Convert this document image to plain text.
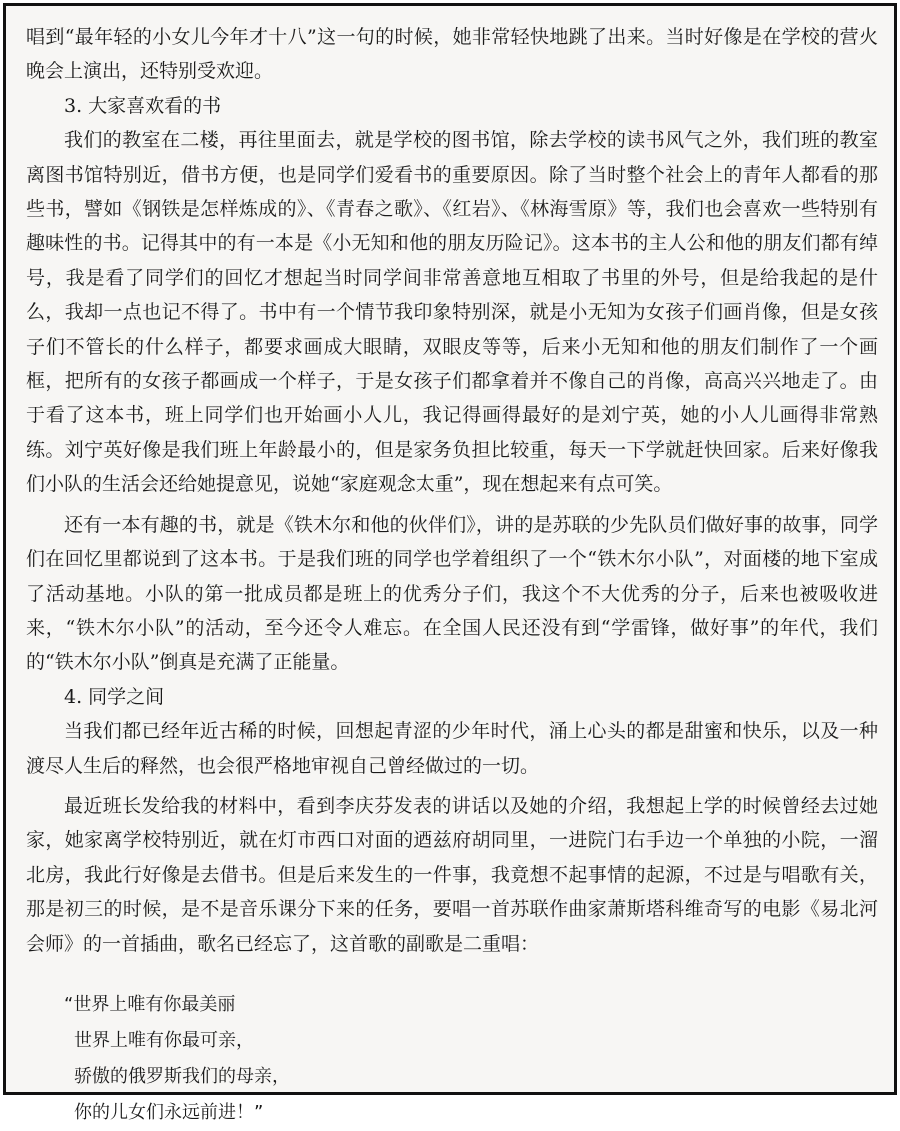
唱到“最年轻的小女儿今年才十八”这一句的时候，她非常轻快地跳了出来。当时好像是在学校的营火晚会上演出，还特别受欢迎。

3. 大家喜欢看的书

我们的教室在二楼，再往里面去，就是学校的图书馆，除去学校的读书风气之外，我们班的教室离图书馆特别近，借书方便，也是同学们爱看书的重要原因。除了当时整个社会上的青年人都看的那些书，譬如《钢铁是怎样炼成的》、《青春之歌》、《红岩》、《林海雪原》等，我们也会喜欢一些特别有趣味性的书。记得其中的有一本是《小无知和他的朋友历险记》。这本书的主人公和他的朋友们都有绰号，我是看了同学们的回忆才想起当时同学间非常善意地互相取了书里的外号，但是给我起的是什么，我却一点也记不得了。书中有一个情节我印象特别深，就是小无知为女孩子们画肖像，但是女孩子们不管长的什么样子，都要求画成大眼睛，双眼皮等等，后来小无知和他的朋友们制作了一个画框，把所有的女孩子都画成一个样子，于是女孩子们都拿着并不像自己的肖像，高高兴兴地走了。由于看了这本书，班上同学们也开始画小人儿，我记得画得最好的是刘宁英，她的小人儿画得非常熟练。刘宁英好像是我们班上年龄最小的，但是家务负担比较重，每天一下学就赶快回家。后来好像我们小队的生活会还给她提意见，说她“家庭观念太重”，现在想起来有点可笑。

还有一本有趣的书，就是《铁木尔和他的伙伴们》，讲的是苏联的少先队员们做好事的故事，同学们在回忆里都说到了这本书。于是我们班的同学也学着组织了一个“铁木尔小队”，对面楼的地下室成了活动基地。小队的第一批成员都是班上的优秀分子们，我这个不大优秀的分子，后来也被吸收进来，“铁木尔小队”的活动，至今还令人难忘。在全国人民还没有到“学雷锋，做好事”的年代，我们的“铁木尔小队”倒真是充满了正能量。

4. 同学之间

当我们都已经年近古稀的时候，回想起青涩的少年时代，涌上心头的都是甜蜜和快乐，以及一种渡尽人生后的释然，也会很严格地审视自己曾经做过的一切。

最近班长发给我的材料中，看到李庆芬发表的讲话以及她的介绍，我想起上学的时候曾经去过她家，她家离学校特别近，就在灯市西口对面的迺兹府胡同里，一进院门右手边一个单独的小院，一溜北房，我此行好像是去借书。但是后来发生的一件事，我竟想不起事情的起源，不过是与唱歌有关，那是初三的时候，是不是音乐课分下来的任务，要唱一首苏联作曲家萧斯塔科维奇写的电影《易北河会师》的一首插曲，歌名已经忘了，这首歌的副歌是二重唱：

“世界上唯有你最美丽
世界上唯有你最可亲，
骄傲的俄罗斯我们的母亲，
你的儿女们永远前进！”
